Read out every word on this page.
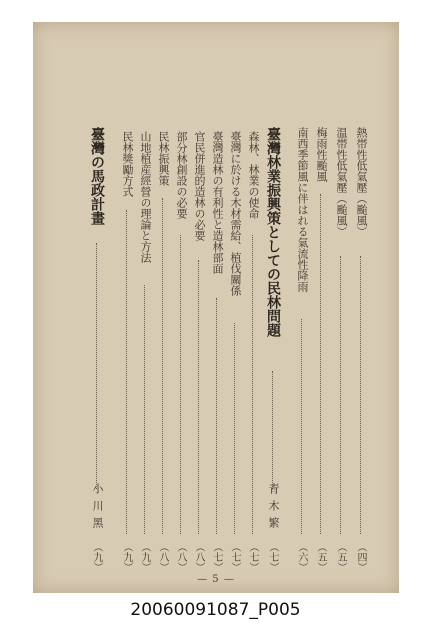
熱帯性低氣壓（颱風）
（四）
温帯性低氣壓（颱風）
（五）
梅雨性颱風
（五）
南西季節風に伴はれる氣流性降雨
（六）
臺灣林業振興策としての民林問題
青木繁
（七）
森林、林業の使命
（七）
臺灣に於ける木材需給、植伐關係
（七）
臺灣造林の有利性と造林部面
（七）
官民併進的造林の必要
（八）
部分林創設の必要
（八）
民林振興策
（八）
山地植産經營の理論と方法
（九）
民林獎勵方式
（九）
臺灣の馬政計畫
小川黑
（九）
— 5 —
20060091087_P005
